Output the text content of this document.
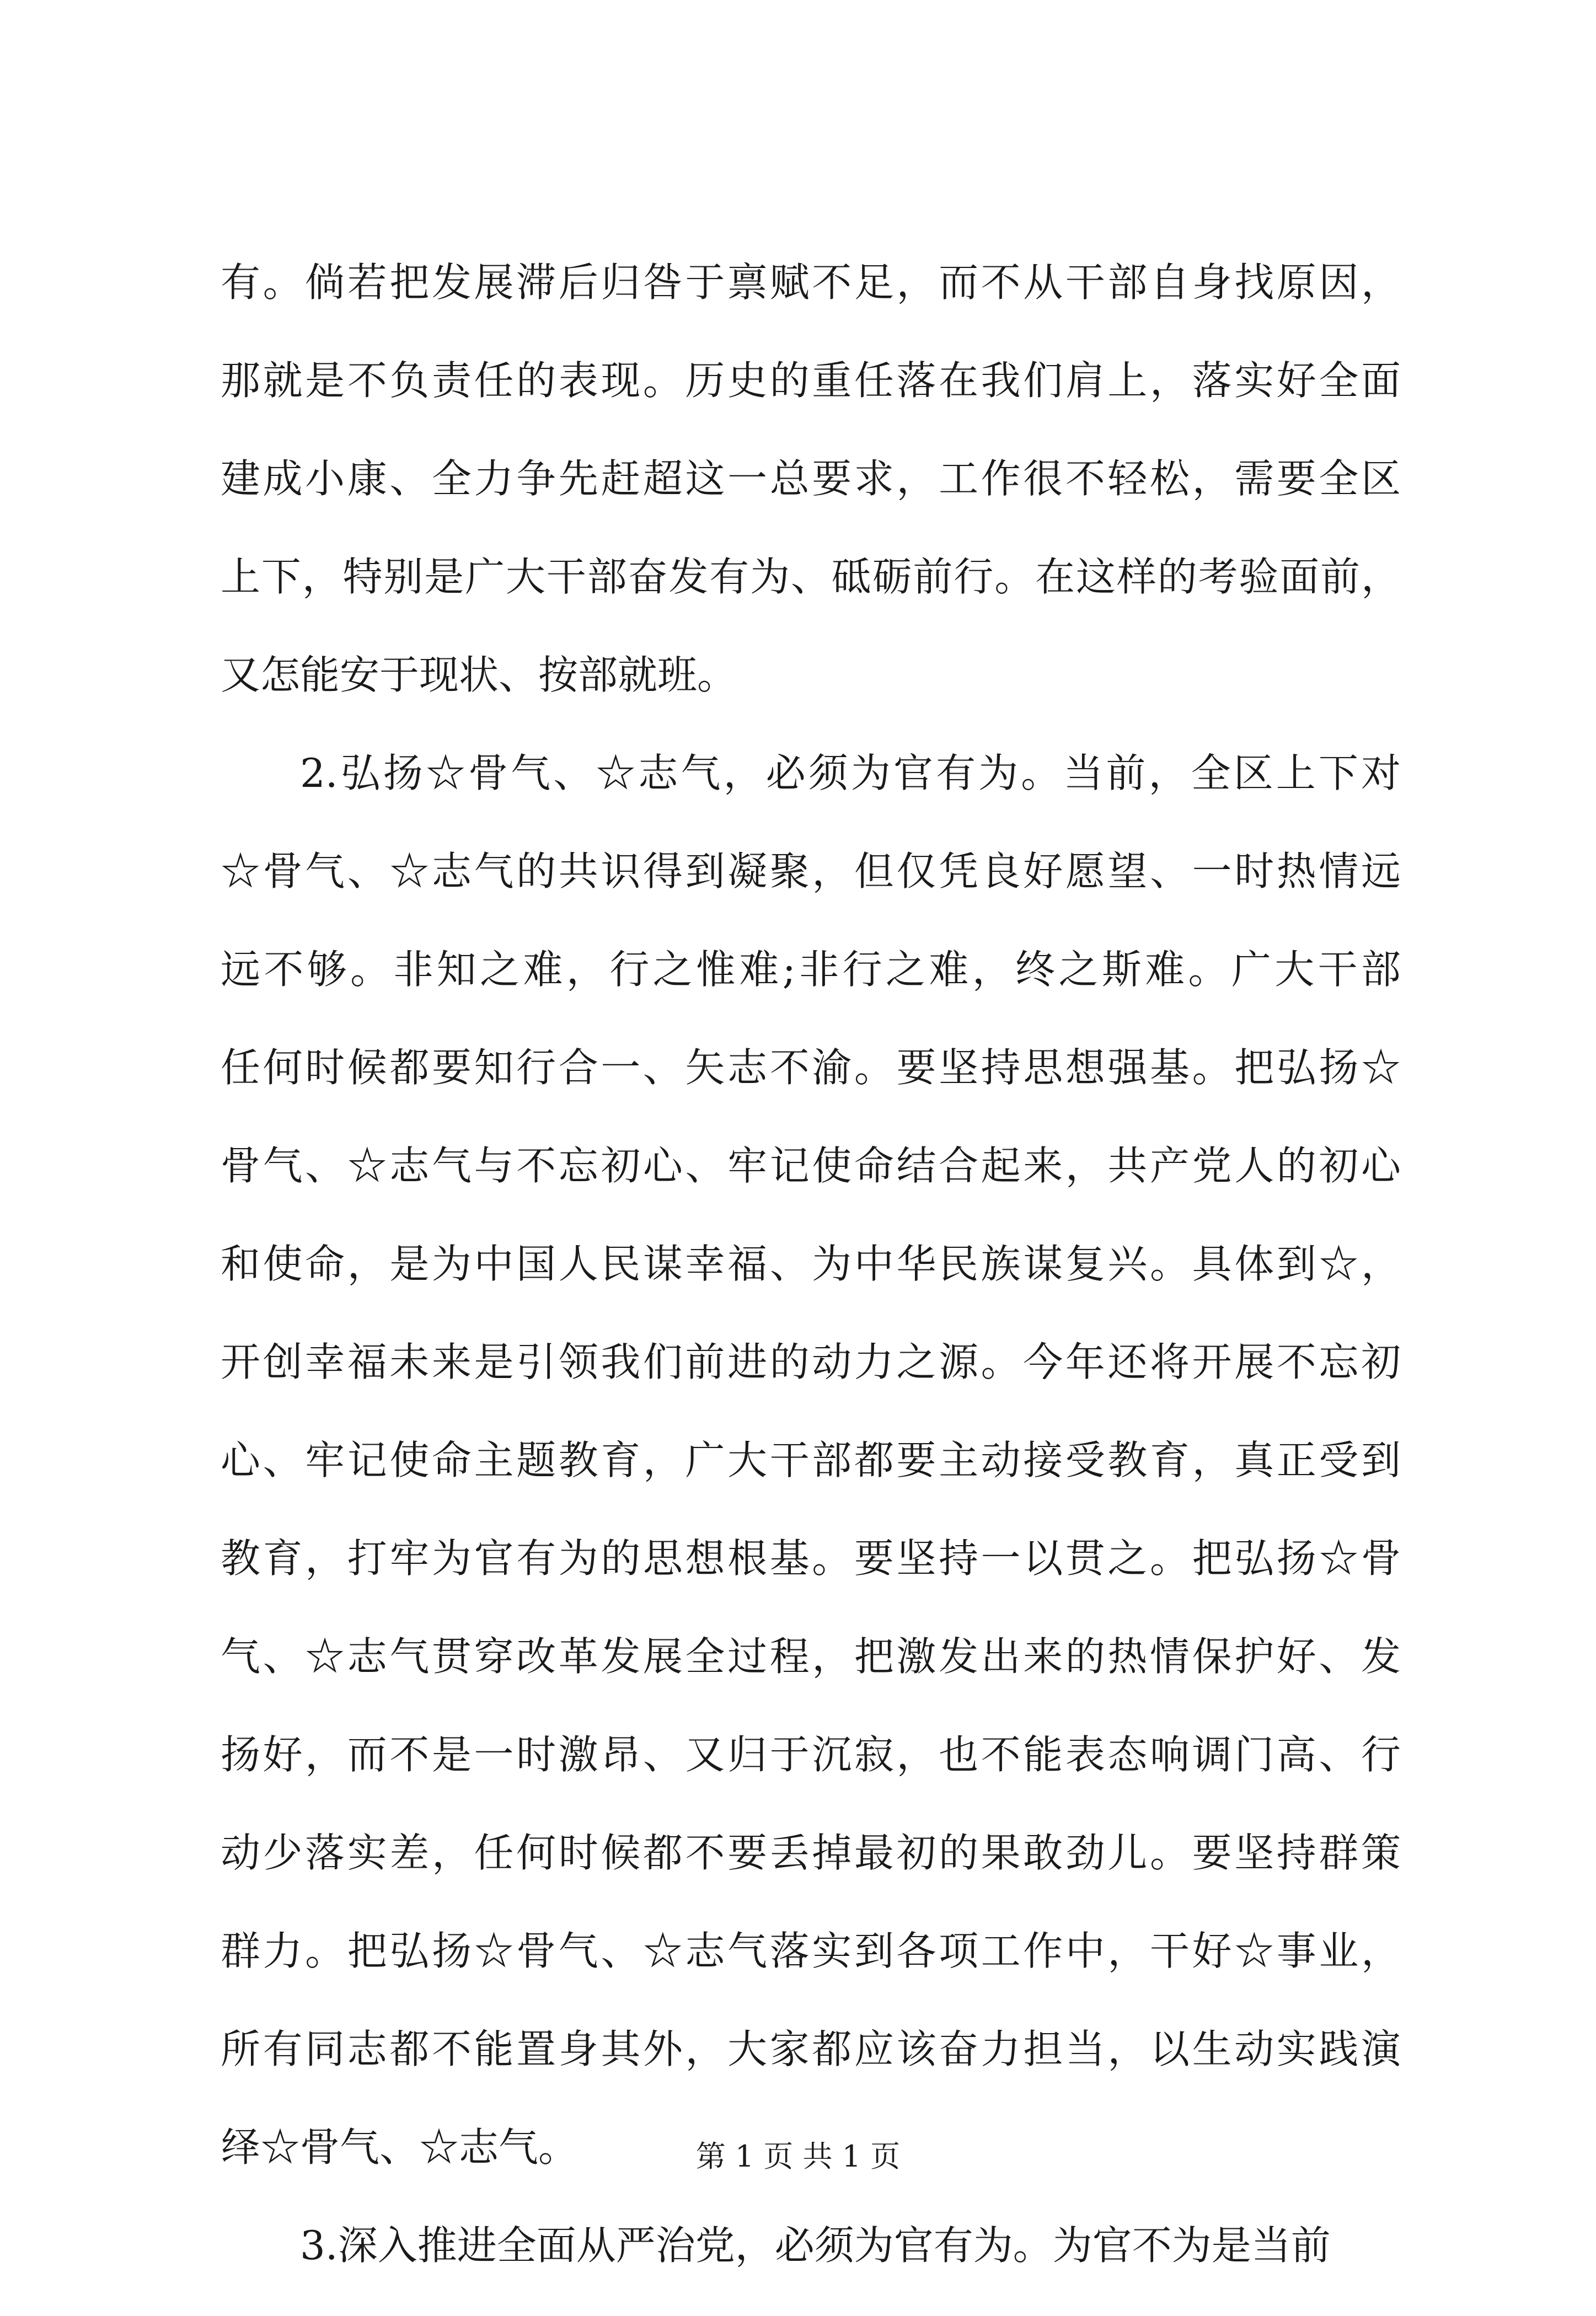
有。倘若把发展滞后归咎于禀赋不足，而不从干部自身找原因，
那就是不负责任的表现。历史的重任落在我们肩上，落实好全面
建成小康、全力争先赶超这一总要求，工作很不轻松，需要全区
上下，特别是广大干部奋发有为、砥砺前行。在这样的考验面前，
又怎能安于现状、按部就班。
2.弘扬☆骨气、☆志气，必须为官有为。当前，全区上下对
☆骨气、☆志气的共识得到凝聚，但仅凭良好愿望、一时热情远
远不够。非知之难，行之惟难;非行之难，终之斯难。广大干部
任何时候都要知行合一、矢志不渝。要坚持思想强基。把弘扬☆
骨气、☆志气与不忘初心、牢记使命结合起来，共产党人的初心
和使命，是为中国人民谋幸福、为中华民族谋复兴。具体到☆，
开创幸福未来是引领我们前进的动力之源。今年还将开展不忘初
心、牢记使命主题教育，广大干部都要主动接受教育，真正受到
教育，打牢为官有为的思想根基。要坚持一以贯之。把弘扬☆骨
气、☆志气贯穿改革发展全过程，把激发出来的热情保护好、发
扬好，而不是一时激昂、又归于沉寂，也不能表态响调门高、行
动少落实差，任何时候都不要丢掉最初的果敢劲儿。要坚持群策
群力。把弘扬☆骨气、☆志气落实到各项工作中，干好☆事业，
所有同志都不能置身其外，大家都应该奋力担当，以生动实践演
绎☆骨气、☆志气。
3.深入推进全面从严治党，必须为官有为。为官不为是当前
第 1 页 共 1 页
